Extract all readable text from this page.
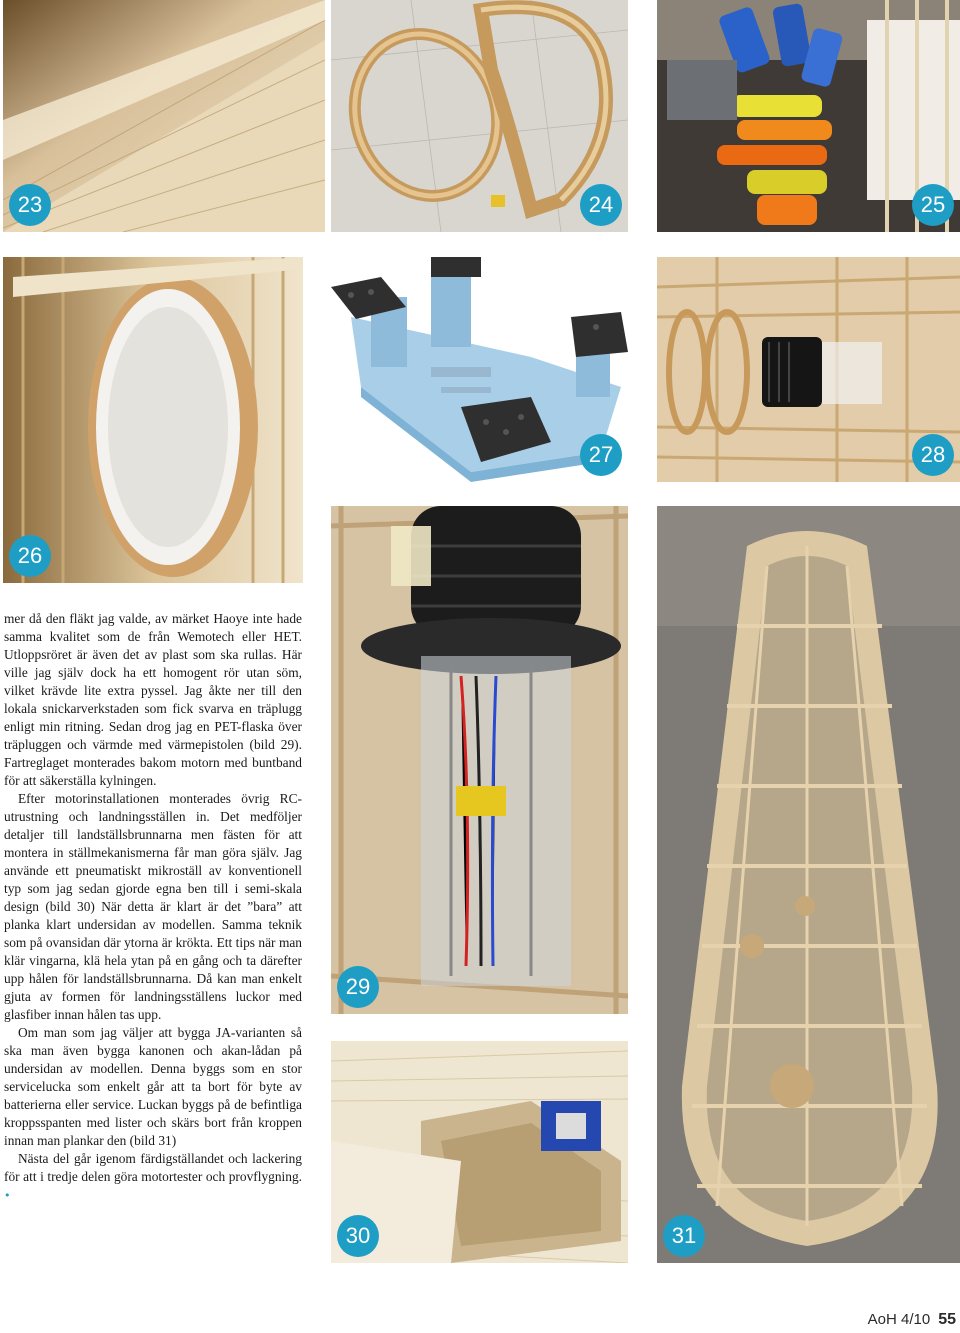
23	24	25
26
27	28
29
30	31

mer då den fläkt jag valde, av märket Haoye inte hade samma kvalitet som de från Wemotech eller HET. Utloppsröret är även det av plast som ska rullas. Här ville jag själv dock ha ett homogent rör utan söm, vilket krävde lite extra pyssel. Jag åkte ner till den lokala snickarverkstaden som fick svarva en träplugg enligt min ritning. Sedan drog jag en PET-flaska över träpluggen och värmde med värmepistolen (bild 29). Fartreglaget monterades bakom motorn med buntband för att säkerställa kylningen.

Efter motorinstallationen monterades övrig RC-utrustning och landningsställen in. Det medföljer detaljer till landställsbrunnarna men fästen för att montera in ställmekanismerna får man göra själv. Jag använde ett pneumatiskt mikroställ av konventionell typ som jag sedan gjorde egna ben till i semi-skala design (bild 30) När detta är klart är det ”bara” att planka klart undersidan av modellen. Samma teknik som på ovansidan där ytorna är krökta. Ett tips när man klär vingarna, klä hela ytan på en gång och ta därefter upp hålen för landställsbrunnarna. Då kan man enkelt gjuta av formen för landningsställens luckor med glasfiber innan hålen tas upp.

Om man som jag väljer att bygga JA-varianten så ska man även bygga kanonen och akan-lådan på undersidan av modellen. Denna byggs som en stor servicelucka som enkelt går att ta bort för byte av batterierna eller service. Luckan byggs på de befintliga kroppsspanten med lister och skärs bort från kroppen innan man plankar den (bild 31)

Nästa del går igenom färdigställandet och lackering för att i tredje delen göra motortester och provflygning. •

AoH 4/10 55
